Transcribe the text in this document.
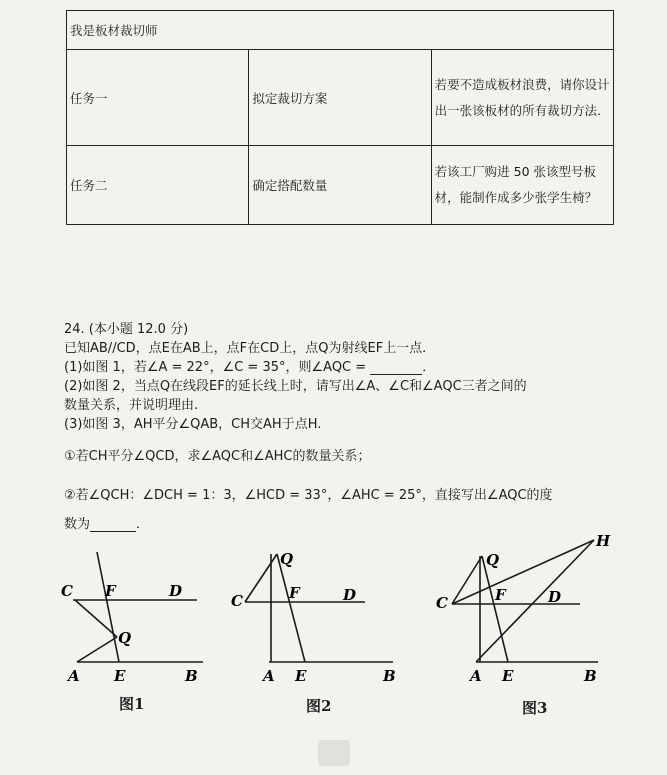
我是板材裁切师		
任务一	拟定裁切方案	若要不造成板材浪费，请你设计出一张该板材的所有裁切方法.
任务二	确定搭配数量	若该工厂购进 50 张该型号板材，能制作成多少张学生椅？
24. (本小题 12.0 分)
已知AB//CD，点E在AB上，点F在CD上，点Q为射线EF上一点.
(1)如图 1，若∠A = 22°，∠C = 35°，则∠AQC =	．
(2)如图 2，当点Q在线段EF的延长线上时，请写出∠A、∠C和∠AQC三者之间的
数量关系，并说明理由.
(3)如图 3，AH平分∠QAB，CH交AH于点H.
①若CH平分∠QCD，求∠AQC和∠AHC的数量关系；
②若∠QCH：∠DCH = 1：3，∠HCD = 33°，∠AHC = 25°，直接写出∠AQC的度
数为	．
C F	D
Q
A E	B
图1
Q
C	F	D
A E	B
图2
H
Q
C	F	D
A E	B
图3
